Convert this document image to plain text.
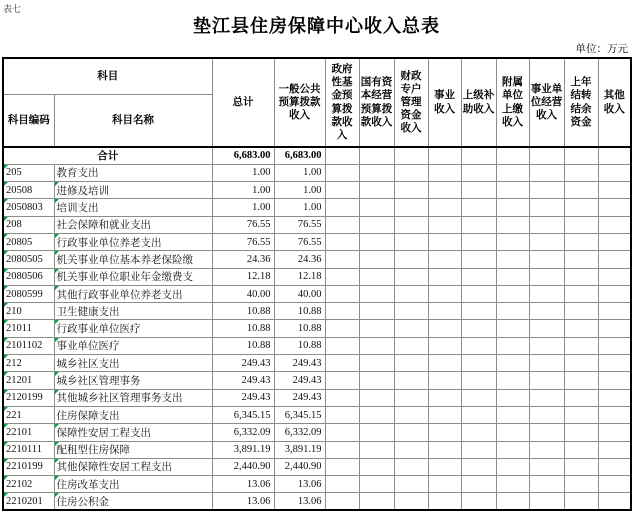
表七
垫江县住房保障中心收入总表
单位：万元
科目		总计	一般公共预算拨款收入	政府性基金预算拨款收入	国有资本经营预算拨款收入	财政专户管理资金收入	事业收入	上级补助收入	附属单位上缴收入	事业单位经营收入	上年结转结余资金	其他收入
科目编码	科目名称											
合计		6,683.00	6,683.00									
205	教育支出	1.00	1.00									
20508	进修及培训	1.00	1.00									
2050803	培训支出	1.00	1.00									
208	社会保障和就业支出	76.55	76.55									
20805	行政事业单位养老支出	76.55	76.55									
2080505	机关事业单位基本养老保险缴	24.36	24.36									
2080506	机关事业单位职业年金缴费支	12.18	12.18									
2080599	其他行政事业单位养老支出	40.00	40.00									
210	卫生健康支出	10.88	10.88									
21011	行政事业单位医疗	10.88	10.88									
2101102	事业单位医疗	10.88	10.88									
212	城乡社区支出	249.43	249.43									
21201	城乡社区管理事务	249.43	249.43									
2120199	其他城乡社区管理事务支出	249.43	249.43									
221	住房保障支出	6,345.15	6,345.15									
22101	保障性安居工程支出	6,332.09	6,332.09									
2210111	配租型住房保障	3,891.19	3,891.19									
2210199	其他保障性安居工程支出	2,440.90	2,440.90									
22102	住房改革支出	13.06	13.06									
2210201	住房公积金	13.06	13.06									
